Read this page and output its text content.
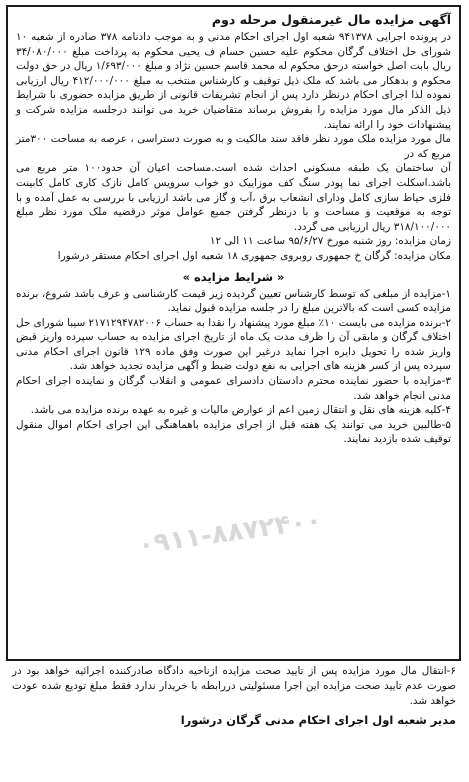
آگهی مزایده مال غیرمنقول مرحله دوم

در پرونده اجرایی ۹۴۱۳۷۸ شعبه اول اجرای احکام مدنی و به موجب دادنامه ۳۷۸ صادره از شعبه ۱۰ شورای حل اختلاف گرگان محکوم علیه حسین حسام ف یحیی محکوم به پرداخت مبلغ ۳۴/۰۸۰/۰۰۰ ریال بابت اصل خواسته درحق محکوم له محمد قاسم حسین نژاد و مبلغ ۱/۶۹۳/۰۰۰ ریال در حق دولت محکوم و بدهکار می باشد که ملک ذیل توقیف و کارشناس منتخب به مبلغ ۴۱۲/۰۰۰/۰۰۰ ریال ارزیابی نموده لذا اجرای احکام درنظر دارد پس از انجام تشریفات قانونی از طریق مزایده حضوری با شرایط ذیل الذکر مال مورد مزایده را بفروش برساند متقاضیان خرید می توانند درجلسه مزایده شرکت و پیشنهادات خود را ارائه نمایند.

مال مورد مزایده ملک مورد نظر فاقد سند مالکیت و به صورت دستراسی ، عرصه به مساحت ۳۰۰متر مربع که در

آن ساختمان یک طبقه مسکونی احداث شده است.مساحت اعیان آن حدود۱۰۰ متر مربع می باشد.اسکلت اجرای نما پودر سنگ کف موزاییک دو خواب سرویس کامل نازک کاری کامل کابینت فلزی حیاط سازی کامل ودارای انشعاب برق ،آب و گاز می باشد ارزیابی با بررسی به عمل آمده و با توجه به موقعیت و مساحت و با درنظر گرفتن جمیع عوامل موثر درقضیه ملک مورد نظر مبلغ ۳۱۸/۱۰۰/۰۰۰ ریال ارزیابی می گردد.

زمان مزایده: روز شنبه مورخ ۹۵/۶/۲۷ ساعت ۱۱ الی ۱۲

مکان مزایده: گرگان خ جمهوری روبروی جمهوری ۱۸ شعبه اول اجرای احکام مستقر درشورا

« شرایط مزایده »

۱-مزایده از مبلغی که توسط کارشناس تعیین گردیده زیر قیمت کارشناسی و عرف باشد شروع، برنده مزایده کسی است که بالاترین مبلغ را در جلسه مزایده قبول نماید.

۲-برنده مزایده می بایست ۱۰٪ مبلغ مورد پیشنهاد را نقدا به حساب ۲۱۷۱۲۹۴۷۸۲۰۰۶ سیبا شورای حل اختلاف گرگان و مابقی آن را ظرف مدت یک ماه از تاریخ اجرای مزایده به حساب سپرده واریز قبض واریز شده را تحویل دایره اجرا نماید درغیر این صورت وفق ماده ۱۲۹ قانون اجرای احکام مدنی سپرده پس از کسر هزینه های اجرایی به نفع دولت ضبط و آگهی مزایده تجدید خواهد شد.

۳-مزایده با حضور نماینده محترم دادستان دادسرای عمومی و انقلاب گرگان و نماینده اجرای احکام مدنی انجام خواهد شد.

۴-کلیه هزینه های نقل و انتقال زمین اعم از عوارض مالیات و غیره به عهده برنده مزایده می باشد.

۵-طالبین خرید می توانند یک هفته قبل از اجرای مزایده باهماهنگی این اجرای احکام اموال منقول توقیف شده بازدید نمایند.

۰۹۱۱-۸۸۷۲۴۰۰

۶-انتقال مال مورد مزایده پس از تایید صحت مزایده ازناحیه دادگاه صادرکننده اجرائیه خواهد بود در صورت عدم تایید صحت مزایده این اجرا مسئولیتی دررابطه با خریدار ندارد فقط مبلغ تودیع شده عودت خواهد شد.

مدیر شعبه اول اجرای احکام مدنی گرگان درشورا
